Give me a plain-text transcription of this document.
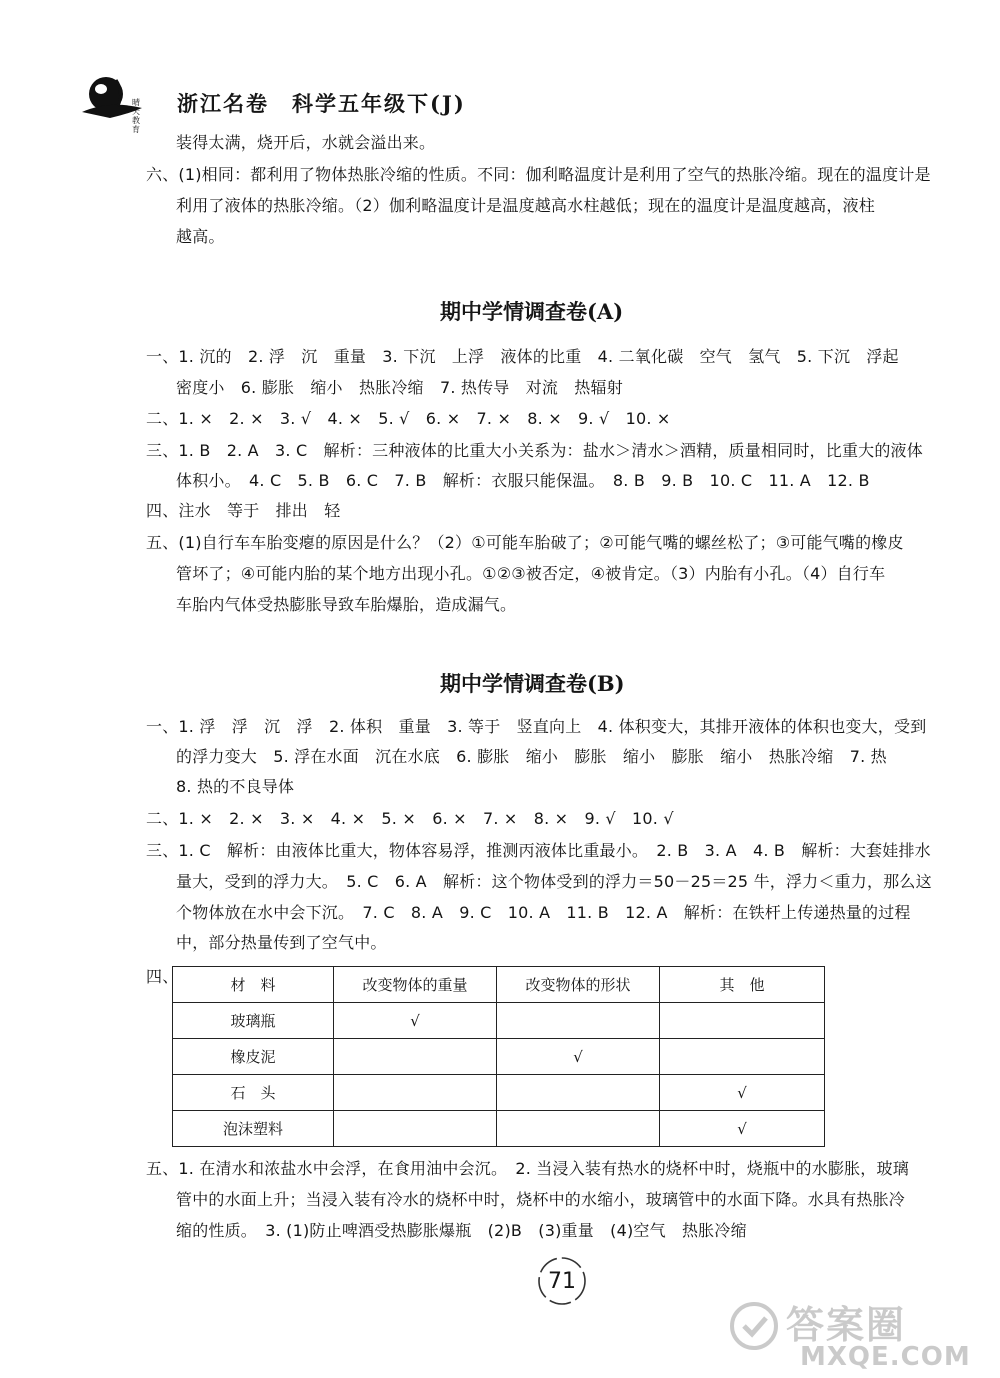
晴天教育
浙江名卷　科学五年级下(J)
装得太满，烧开后，水就会溢出来。
六、(1)相同：都利用了物体热胀冷缩的性质。不同：伽利略温度计是利用了空气的热胀冷缩。现在的温度计是
利用了液体的热胀冷缩。（2）伽利略温度计是温度越高水柱越低；现在的温度计是温度越高，液柱
越高。
期中学情调查卷(A)
一、1. 沉的　2. 浮　沉　重量　3. 下沉　上浮　液体的比重　4. 二氧化碳　空气　氢气　5. 下沉　浮起
密度小　6. 膨胀　缩小　热胀冷缩　7. 热传导　对流　热辐射
二、1. ×　2. ×　3. √　4. ×　5. √　6. ×　7. ×　8. ×　9. √　10. ×
三、1. B　2. A　3. C　解析：三种液体的比重大小关系为：盐水＞清水＞酒精，质量相同时，比重大的液体
体积小。　4. C　5. B　6. C　7. B　解析：衣服只能保温。　8. B　9. B　10. C　11. A　12. B
四、注水　等于　排出　轻
五、(1)自行车车胎变瘪的原因是什么？（2）①可能车胎破了；②可能气嘴的螺丝松了；③可能气嘴的橡皮
管坏了；④可能内胎的某个地方出现小孔。①②③被否定，④被肯定。（3）内胎有小孔。（4）自行车
车胎内气体受热膨胀导致车胎爆胎，造成漏气。
期中学情调查卷(B)
一、1. 浮　浮　沉　浮　2. 体积　重量　3. 等于　竖直向上　4. 体积变大，其排开液体的体积也变大，受到
的浮力变大　5. 浮在水面　沉在水底　6. 膨胀　缩小　膨胀　缩小　膨胀　缩小　热胀冷缩　7. 热
8. 热的不良导体
二、1. ×　2. ×　3. ×　4. ×　5. ×　6. ×　7. ×　8. ×　9. √　10. √
三、1. C　解析：由液体比重大，物体容易浮，推测丙液体比重最小。　2. B　3. A　4. B　解析：大套娃排水
量大，受到的浮力大。　5. C　6. A　解析：这个物体受到的浮力＝50－25＝25 牛，浮力＜重力，那么这
个物体放在水中会下沉。　7. C　8. A　9. C　10. A　11. B　12. A　解析：在铁杆上传递热量的过程
中，部分热量传到了空气中。
四、	材　料	改变物体的重量	改变物体的形状	其　他
玻璃瓶	√		
橡皮泥		√	
石　头			√
泡沫塑料			√
五、1. 在清水和浓盐水中会浮，在食用油中会沉。　2. 当浸入装有热水的烧杯中时，烧瓶中的水膨胀，玻璃
管中的水面上升；当浸入装有冷水的烧杯中时，烧杯中的水缩小，玻璃管中的水面下降。水具有热胀冷
缩的性质。　3. (1)防止啤酒受热膨胀爆瓶　(2)B　(3)重量　(4)空气　热胀冷缩
71
答案圈
MXQE.COM
